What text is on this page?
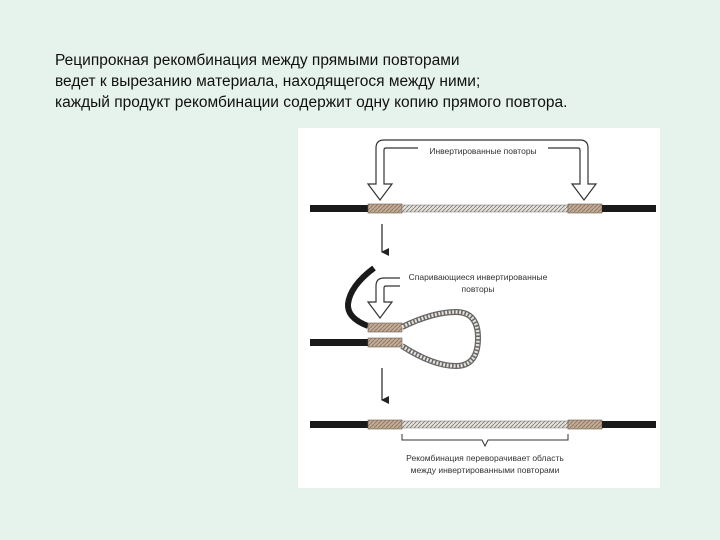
Реципрокная рекомбинация между прямыми повторами
ведет к вырезанию материала, находящегося между ними;
каждый продукт рекомбинации содержит одну копию прямого повтора.
Инвертированные повторы
Спаривающиеся инвертированные
повторы
Рекомбинация переворачивает область
между инвертированными повторами
